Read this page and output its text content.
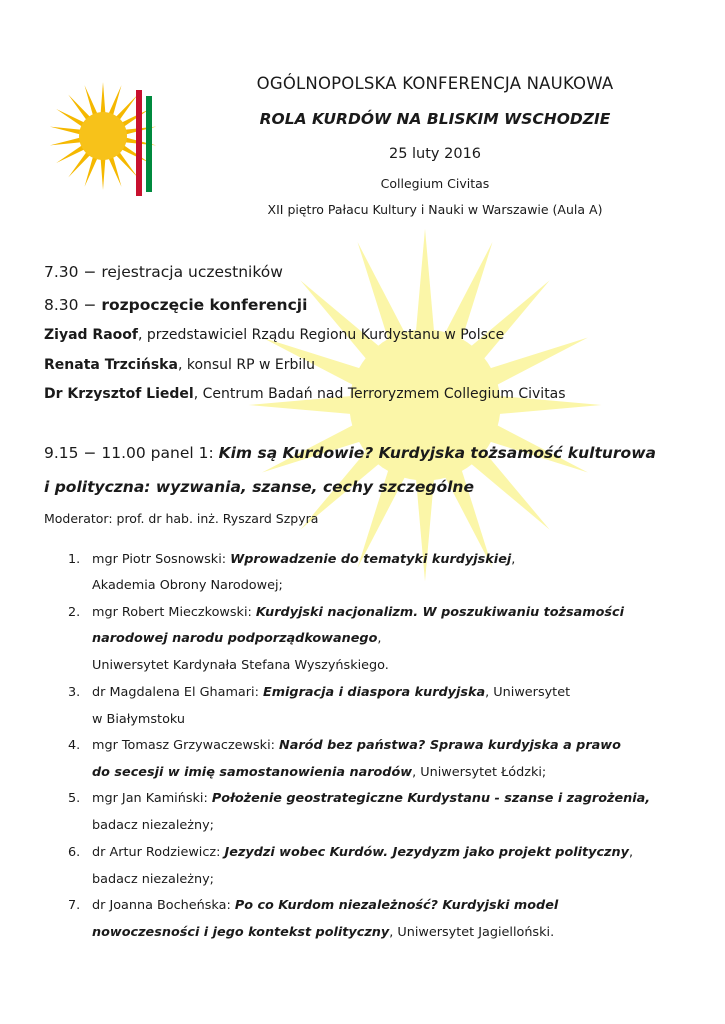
OGÓLNOPOLSKA KONFERENCJA NAUKOWA
ROLA KURDÓW NA BLISKIM WSCHODZIE
25 luty 2016
Collegium Civitas
XII piętro Pałacu Kultury i Nauki w Warszawie (Aula A)
7.30 − rejestracja uczestników
8.30 − rozpoczęcie konferencji
Ziyad Raoof, przedstawiciel Rządu Regionu Kurdystanu w Polsce
Renata Trzcińska, konsul RP w Erbilu
Dr Krzysztof Liedel, Centrum Badań nad Terroryzmem Collegium Civitas
9.15 − 11.00 panel 1: Kim są Kurdowie? Kurdyjska tożsamość kulturowa
i polityczna: wyzwania, szanse, cechy szczególne
Moderator: prof. dr hab. inż. Ryszard Szpyra
1. mgr Piotr Sosnowski: Wprowadzenie do tematyki kurdyjskiej,
Akademia Obrony Narodowej;
2. mgr Robert Mieczkowski: Kurdyjski nacjonalizm. W poszukiwaniu tożsamości
narodowej narodu podporządkowanego,
Uniwersytet Kardynała Stefana Wyszyńskiego.
3. dr Magdalena El Ghamari: Emigracja i diaspora kurdyjska, Uniwersytet
w Białymstoku
4. mgr Tomasz Grzywaczewski: Naród bez państwa? Sprawa kurdyjska a prawo
do secesji w imię samostanowienia narodów, Uniwersytet Łódzki;
5. mgr Jan Kamiński: Położenie geostrategiczne Kurdystanu - szanse i zagrożenia,
badacz niezależny;
6. dr Artur Rodziewicz: Jezydzi wobec Kurdów. Jezydyzm jako projekt polityczny,
badacz niezależny;
7. dr Joanna Bocheńska: Po co Kurdom niezależność? Kurdyjski model
nowoczesności i jego kontekst polityczny, Uniwersytet Jagielloński.
